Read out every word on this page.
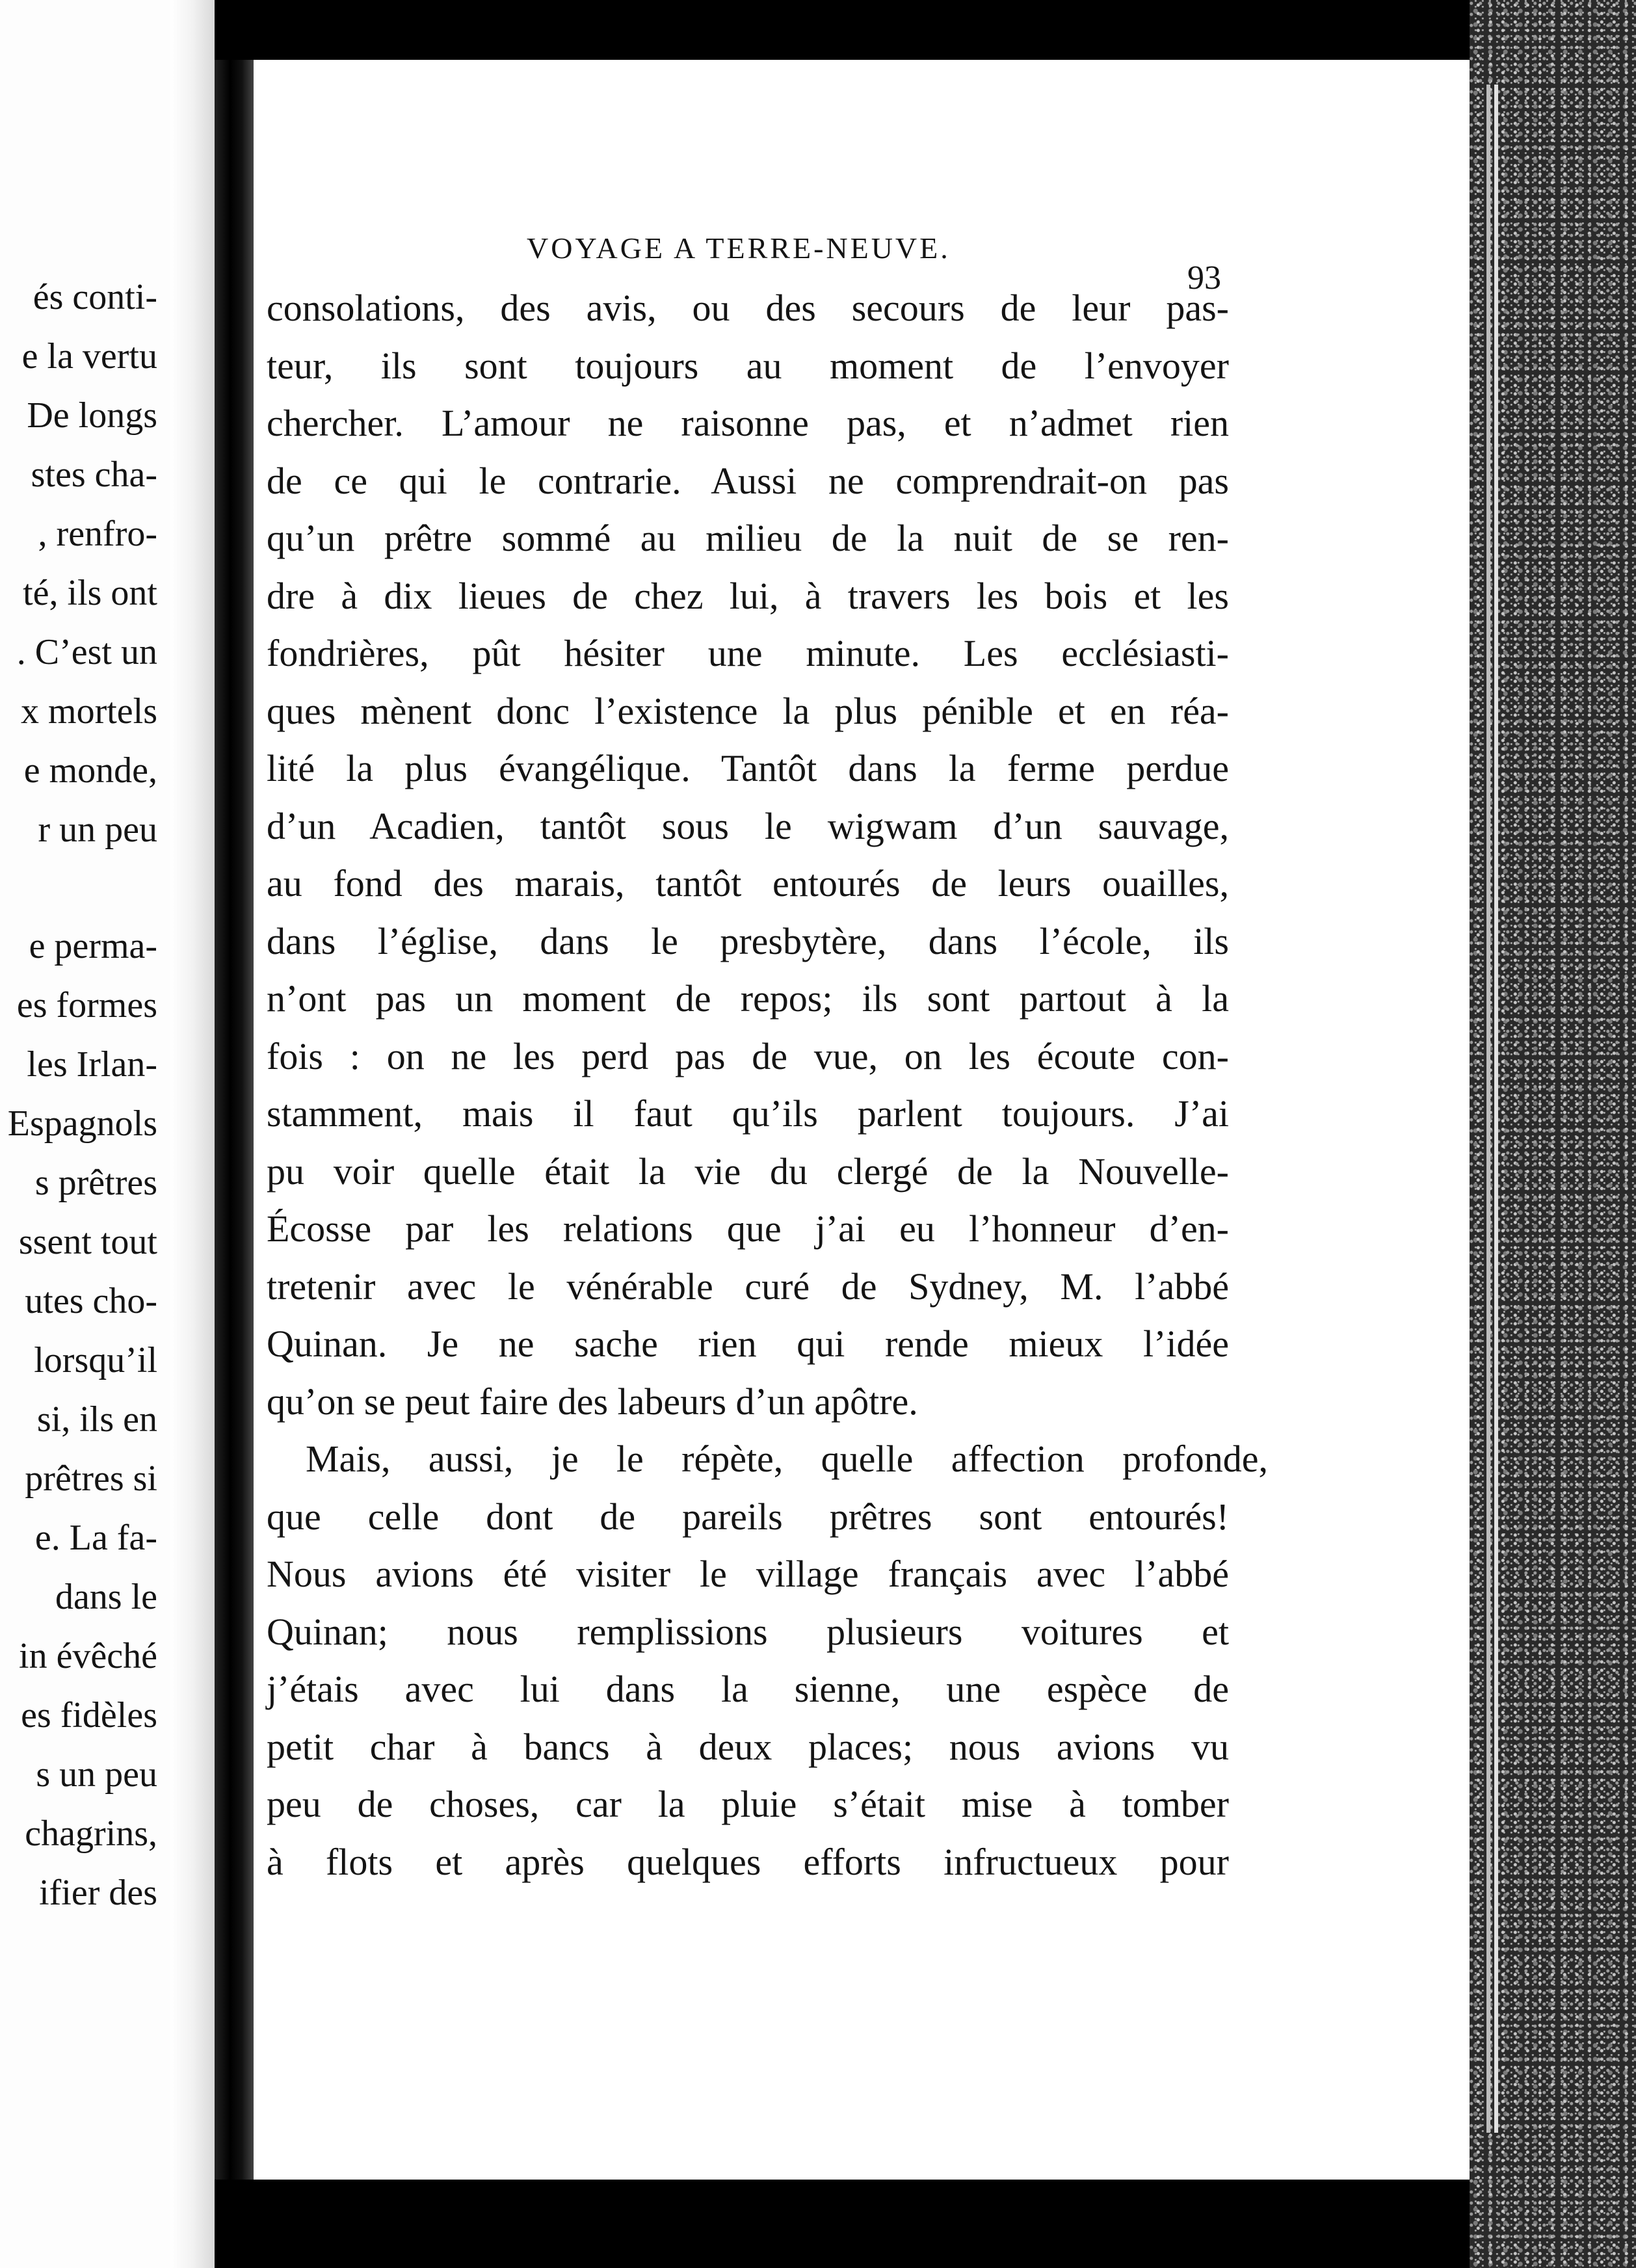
és conti-
e la vertu
De longs
stes cha-
, renfro-
té, ils ont
. C’est un
x mortels
e monde,
r un peu
e perma-
es formes
les Irlan-
Espagnols
s prêtres
ssent tout
utes cho-
lorsqu’il
si, ils en
prêtres si
e. La fa-
dans le
in évêché
es fidèles
s un peu
chagrins,
ifier des
VOYAGE A TERRE-NEUVE.
93
consolations, des avis, ou des secours de leur pas-
teur, ils sont toujours au moment de l’envoyer
chercher. L’amour ne raisonne pas, et n’admet rien
de ce qui le contrarie. Aussi ne comprendrait-on pas
qu’un prêtre sommé au milieu de la nuit de se ren-
dre à dix lieues de chez lui, à travers les bois et les
fondrières, pût hésiter une minute. Les ecclésiasti-
ques mènent donc l’existence la plus pénible et en réa-
lité la plus évangélique. Tantôt dans la ferme perdue
d’un Acadien, tantôt sous le wigwam d’un sauvage,
au fond des marais, tantôt entourés de leurs ouailles,
dans l’église, dans le presbytère, dans l’école, ils
n’ont pas un moment de repos; ils sont partout à la
fois : on ne les perd pas de vue, on les écoute con-
stamment, mais il faut qu’ils parlent toujours. J’ai
pu voir quelle était la vie du clergé de la Nouvelle-
Écosse par les relations que j’ai eu l’honneur d’en-
tretenir avec le vénérable curé de Sydney, M. l’abbé
Quinan. Je ne sache rien qui rende mieux l’idée
qu’on se peut faire des labeurs d’un apôtre.
Mais, aussi, je le répète, quelle affection profonde,
que celle dont de pareils prêtres sont entourés!
Nous avions été visiter le village français avec l’abbé
Quinan; nous remplissions plusieurs voitures et
j’étais avec lui dans la sienne, une espèce de
petit char à bancs à deux places; nous avions vu
peu de choses, car la pluie s’était mise à tomber
à flots et après quelques efforts infructueux pour
